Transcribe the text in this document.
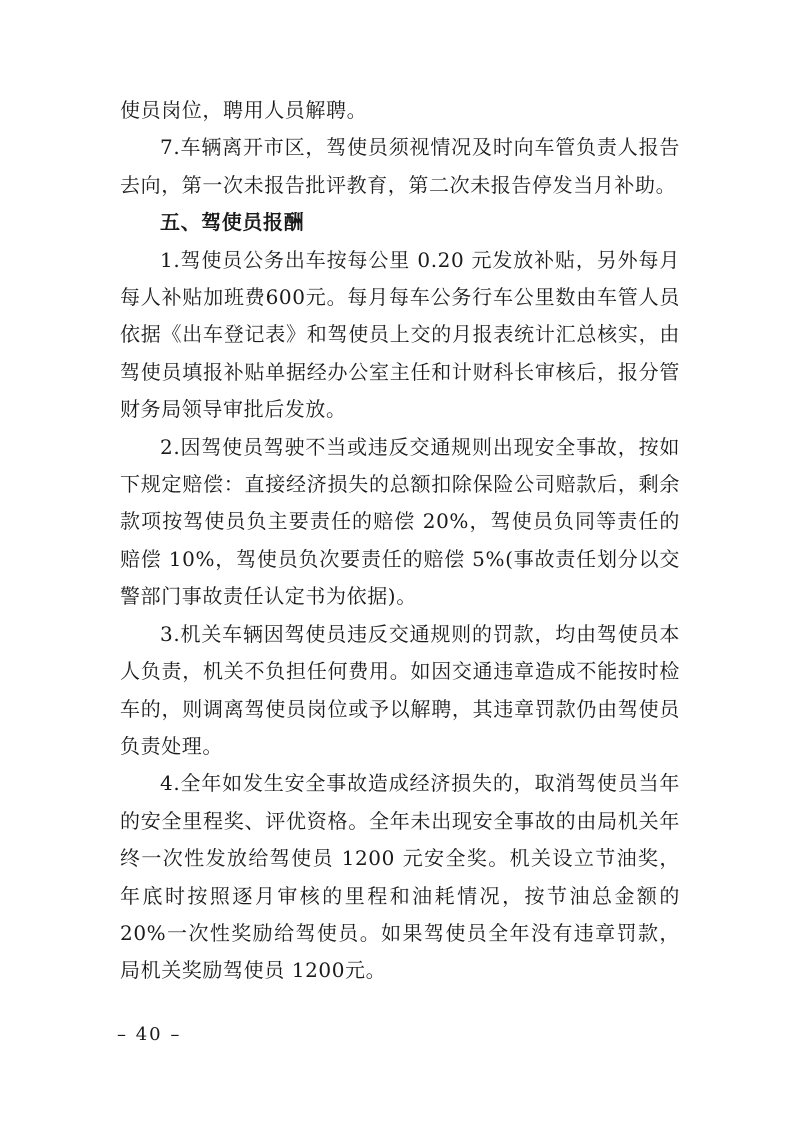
使员岗位，聘用人员解聘。

7.车辆离开市区，驾使员须视情况及时向车管负责人报告去向，第一次未报告批评教育，第二次未报告停发当月补助。

五、驾使员报酬

1.驾使员公务出车按每公里 0.20 元发放补贴，另外每月每人补贴加班费600元。每月每车公务行车公里数由车管人员依据《出车登记表》和驾使员上交的月报表统计汇总核实，由驾使员填报补贴单据经办公室主任和计财科长审核后，报分管财务局领导审批后发放。

2.因驾使员驾驶不当或违反交通规则出现安全事故，按如下规定赔偿：直接经济损失的总额扣除保险公司赔款后，剩余款项按驾使员负主要责任的赔偿 20%，驾使员负同等责任的赔偿 10%，驾使员负次要责任的赔偿 5%(事故责任划分以交警部门事故责任认定书为依据)。

3.机关车辆因驾使员违反交通规则的罚款，均由驾使员本人负责，机关不负担任何费用。如因交通违章造成不能按时检车的，则调离驾使员岗位或予以解聘，其违章罚款仍由驾使员负责处理。

4.全年如发生安全事故造成经济损失的，取消驾使员当年的安全里程奖、评优资格。全年未出现安全事故的由局机关年终一次性发放给驾使员 1200 元安全奖。机关设立节油奖，年底时按照逐月审核的里程和油耗情况，按节油总金额的 20%一次性奖励给驾使员。如果驾使员全年没有违章罚款，局机关奖励驾使员 1200元。

– 40 –
